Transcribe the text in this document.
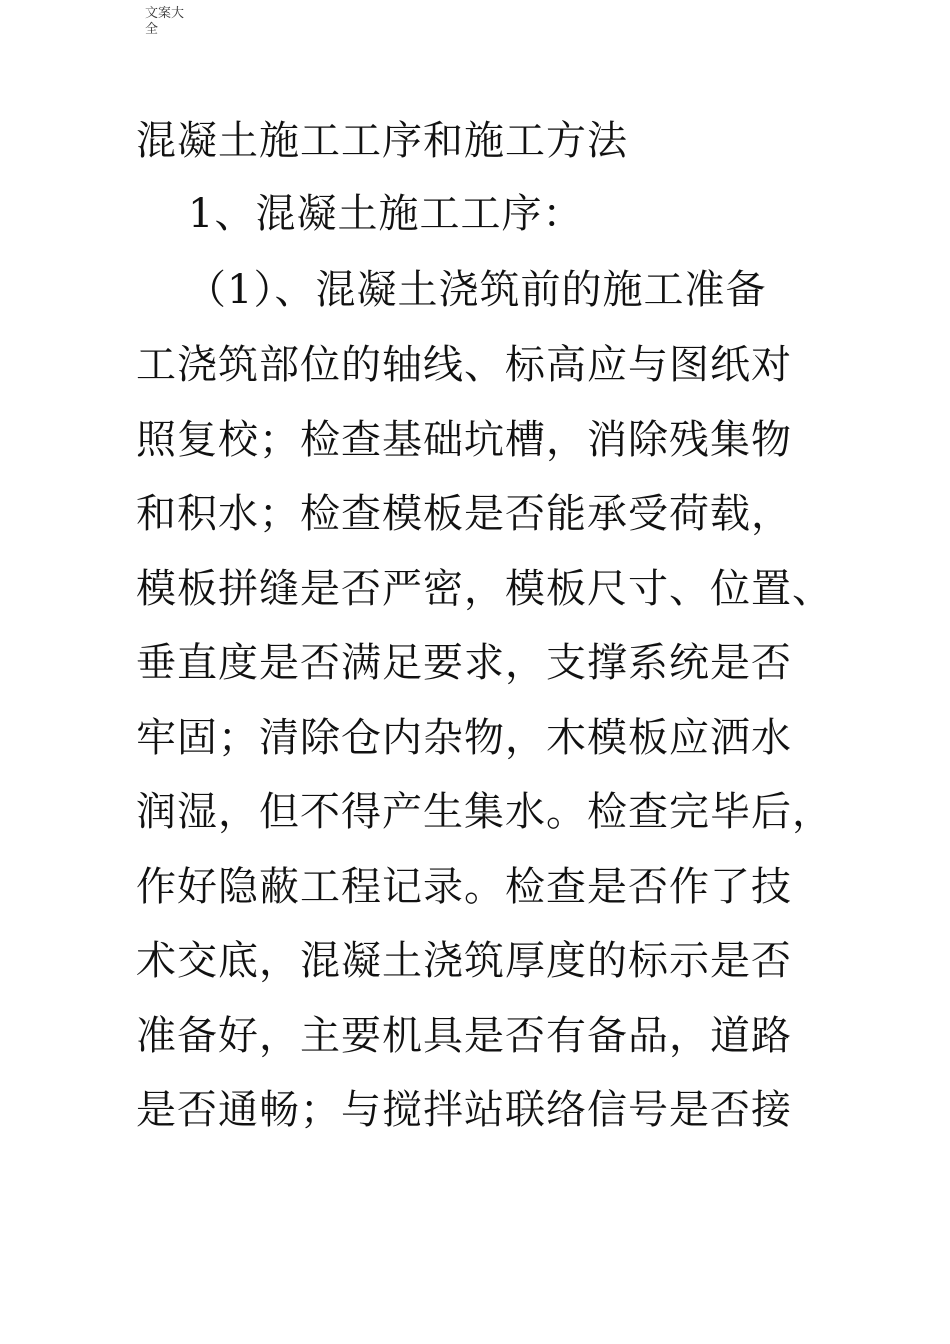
文案大全
混凝土施工工序和施工方法
1、混凝土施工工序：
（1）、混凝土浇筑前的施工准备
工浇筑部位的轴线、标高应与图纸对
照复校；检查基础坑槽，消除残集物
和积水；检查模板是否能承受荷载，
模板拼缝是否严密，模板尺寸、位置、
垂直度是否满足要求，支撑系统是否
牢固；清除仓内杂物，木模板应洒水
润湿，但不得产生集水。检查完毕后，
作好隐蔽工程记录。检查是否作了技
术交底，混凝土浇筑厚度的标示是否
准备好，主要机具是否有备品，道路
是否通畅；与搅拌站联络信号是否接
